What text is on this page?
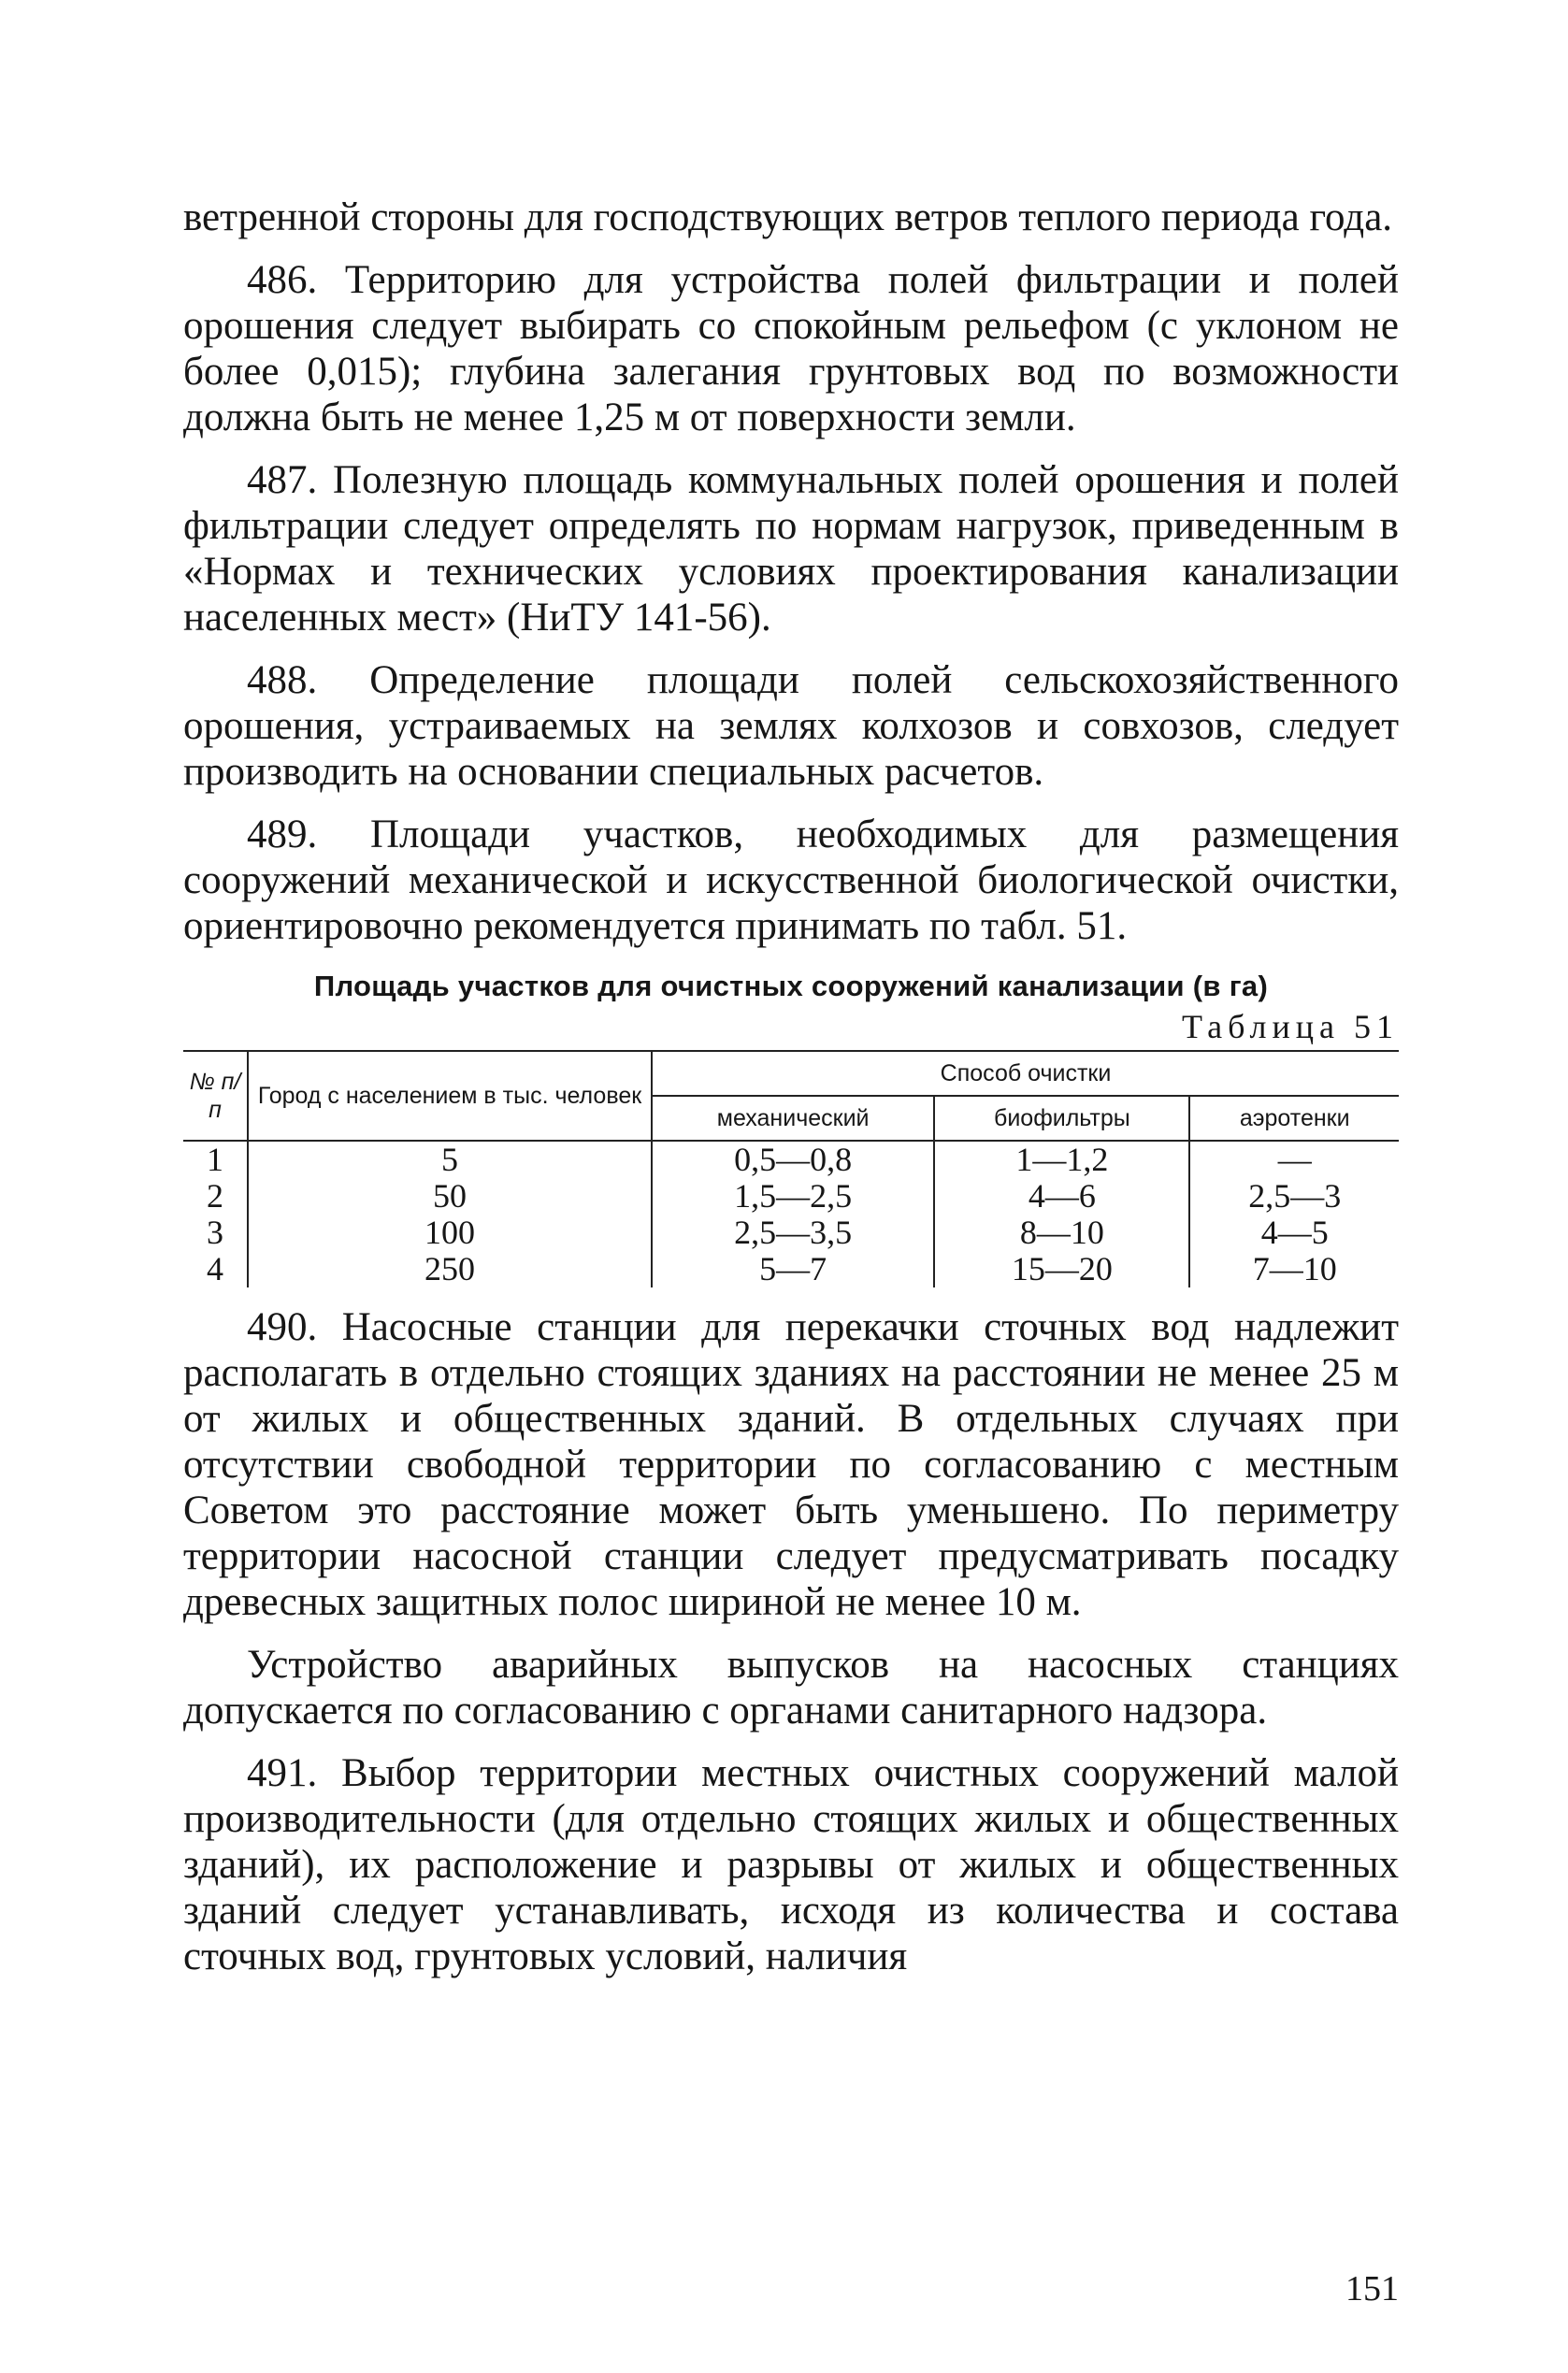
ветренной стороны для господствующих ветров теплого периода года.

486. Территорию для устройства полей фильтрации и полей орошения следует выбирать со спокойным рельефом (с уклоном не более 0,015); глубина залегания грунтовых вод по возможности должна быть не менее 1,25 м от поверхности земли.

487. Полезную площадь коммунальных полей орошения и полей фильтрации следует определять по нормам нагрузок, приведенным в «Нормах и технических условиях проектирования канализации населенных мест» (НиТУ 141-56).

488. Определение площади полей сельскохозяйственного орошения, устраиваемых на землях колхозов и совхозов, следует производить на основании специальных расчетов.

489. Площади участков, необходимых для размещения сооружений механической и искусственной биологической очистки, ориентировочно рекомендуется принимать по табл. 51.

Площадь участков для очистных сооружений канализации (в га)
Таблица 51
№ п/п	Город с населением в тыс. человек	Способ очистки		
		механический	биофильтры	аэротенки
1	5	0,5—0,8	1—1,2	—
2	50	1,5—2,5	4—6	2,5—3
3	100	2,5—3,5	8—10	4—5
4	250	5—7	15—20	7—10

490. Насосные станции для перекачки сточных вод надлежит располагать в отдельно стоящих зданиях на расстоянии не менее 25 м от жилых и общественных зданий. В отдельных случаях при отсутствии свободной территории по согласованию с местным Советом это расстояние может быть уменьшено. По периметру территории насосной станции следует предусматривать посадку древесных защитных полос шириной не менее 10 м.

Устройство аварийных выпусков на насосных станциях допускается по согласованию с органами санитарного надзора.

491. Выбор территории местных очистных сооружений малой производительности (для отдельно стоящих жилых и общественных зданий), их расположение и разрывы от жилых и общественных зданий следует устанавливать, исходя из количества и состава сточных вод, грунтовых условий, наличия

151
